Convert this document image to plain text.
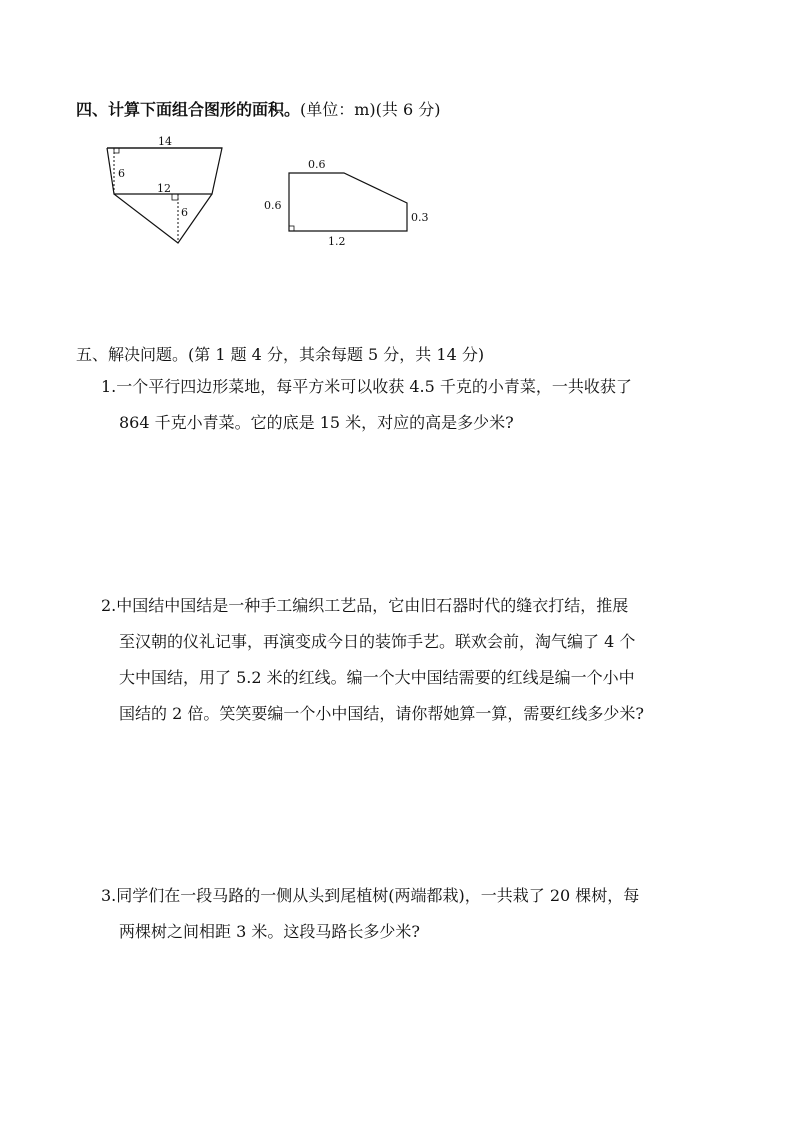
四、计算下面组合图形的面积。(单位：m)(共 6 分)
14
6
12
6
0.6
0.6
0.3
1.2
五、解决问题。(第 1 题 4 分，其余每题 5 分，共 14 分)
1.一个平行四边形菜地，每平方米可以收获 4.5 千克的小青菜，一共收获了
864 千克小青菜。它的底是 15 米，对应的高是多少米?
2.中国结中国结是一种手工编织工艺品，它由旧石器时代的缝衣打结，推展
至汉朝的仪礼记事，再演变成今日的装饰手艺。联欢会前，淘气编了 4 个
大中国结，用了 5.2 米的红线。编一个大中国结需要的红线是编一个小中
国结的 2 倍。笑笑要编一个小中国结，请你帮她算一算，需要红线多少米?
3.同学们在一段马路的一侧从头到尾植树(两端都栽)，一共栽了 20 棵树，每
两棵树之间相距 3 米。这段马路长多少米?
